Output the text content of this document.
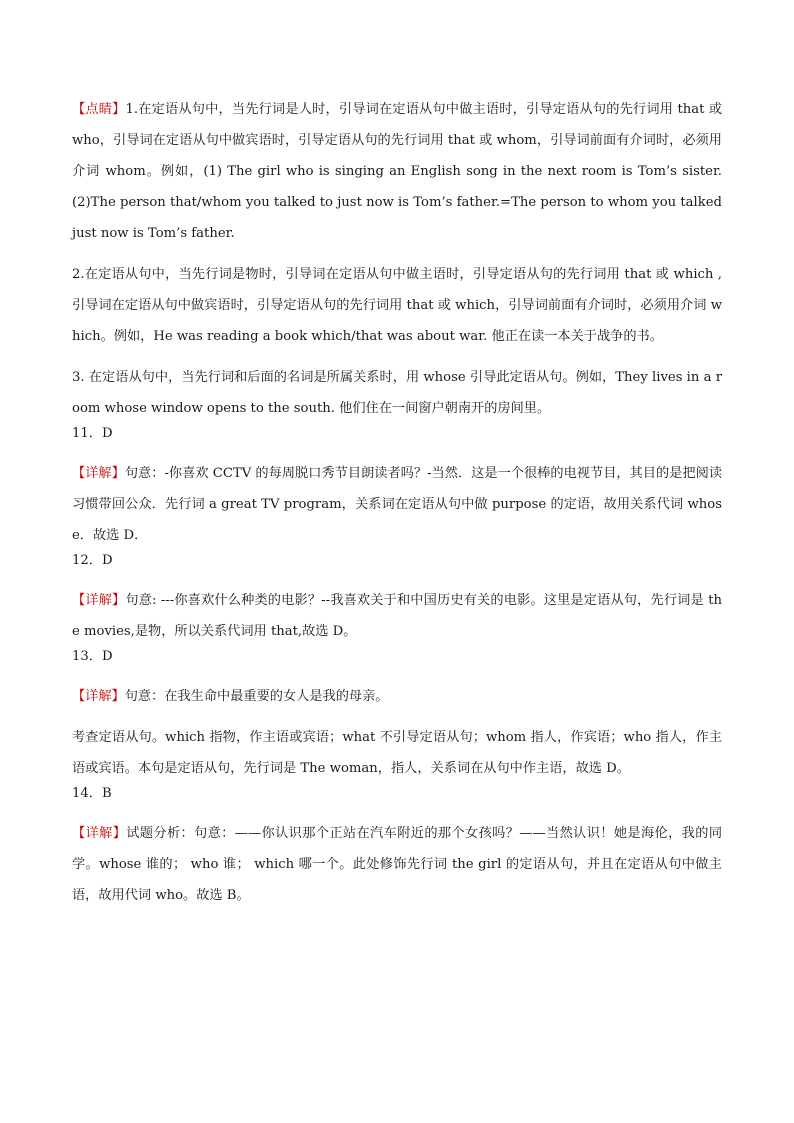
【点睛】1.在定语从句中，当先行词是人时，引导词在定语从句中做主语时，引导定语从句的先行词用 that 或 who，引导词在定语从句中做宾语时，引导定语从句的先行词用 that 或 whom，引导词前面有介词时，必须用介词 whom。例如，(1) The girl who is singing an English song in the next room is Tom’s sister. (2)The person that/whom you talked to just now is Tom’s father.=The person to whom you talked just now is Tom’s father.

2.在定语从句中，当先行词是物时，引导词在定语从句中做主语时，引导定语从句的先行词用 that 或 which ,引导词在定语从句中做宾语时，引导定语从句的先行词用 that 或 which，引导词前面有介词时，必须用介词 which。例如，He was reading a book which/that was about war. 他正在读一本关于战争的书。

3. 在定语从句中，当先行词和后面的名词是所属关系时，用 whose 引导此定语从句。例如，They lives in a room whose window opens to the south. 他们住在一间窗户朝南开的房间里。

11．D

【详解】句意：-你喜欢 CCTV 的每周脱口秀节目朗读者吗？-当然．这是一个很棒的电视节目，其目的是把阅读习惯带回公众．先行词 a great TV program，关系词在定语从句中做 purpose 的定语，故用关系代词 whose．故选 D．

12．D

【详解】句意: ---你喜欢什么种类的电影？--我喜欢关于和中国历史有关的电影。这里是定语从句，先行词是 the movies,是物，所以关系代词用 that,故选 D。

13．D

【详解】句意：在我生命中最重要的女人是我的母亲。

考查定语从句。which 指物，作主语或宾语；what 不引导定语从句；whom 指人，作宾语；who 指人，作主语或宾语。本句是定语从句，先行词是 The woman，指人，关系词在从句中作主语，故选 D。

14．B

【详解】试题分析：句意：——你认识那个正站在汽车附近的那个女孩吗？——当然认识！她是海伦，我的同学。whose 谁的； who 谁； which 哪一个。此处修饰先行词 the girl 的定语从句，并且在定语从句中做主语，故用代词 who。故选 B。
